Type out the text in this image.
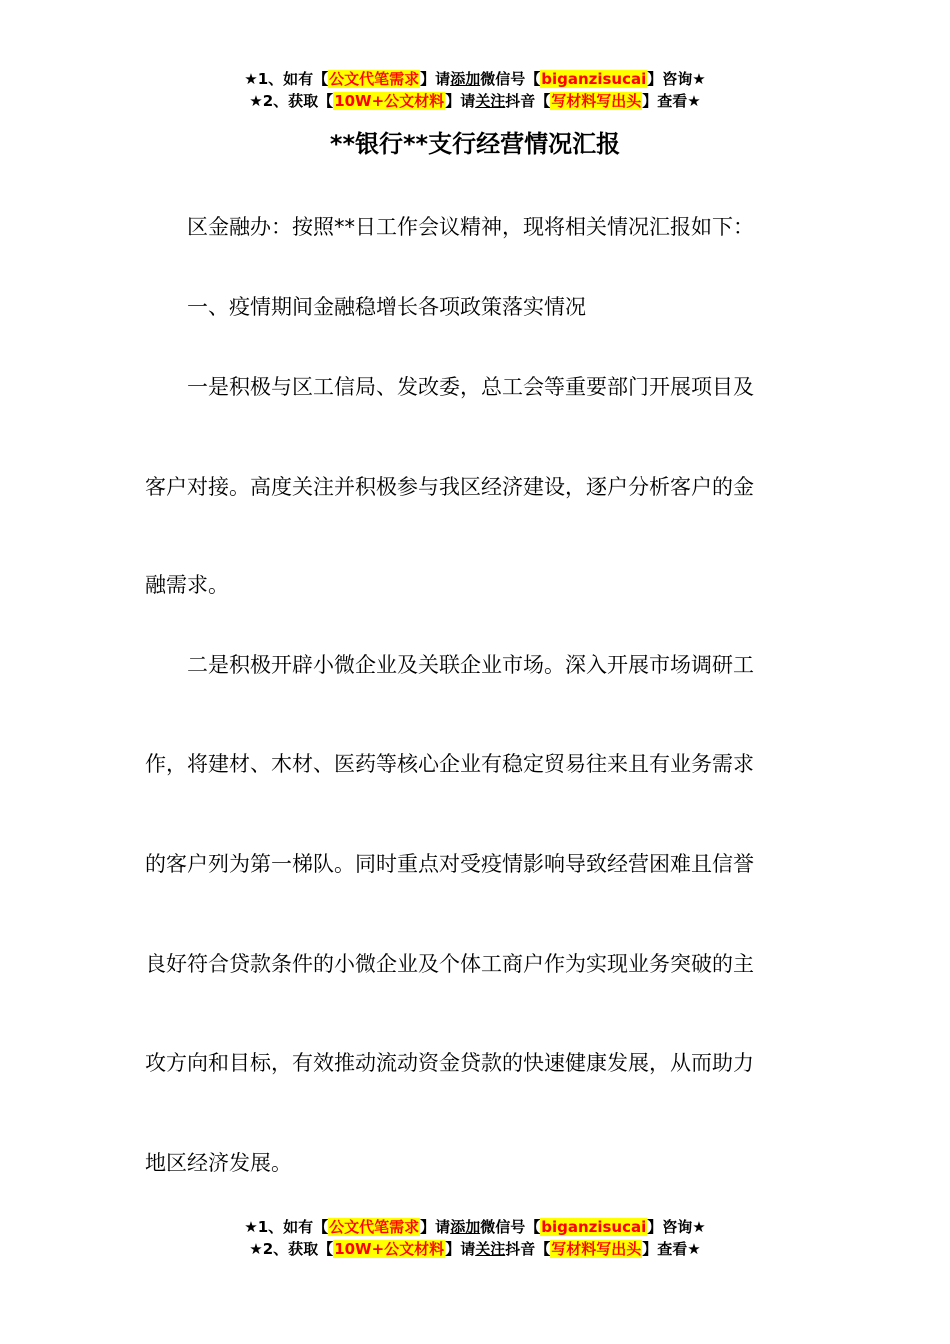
★1、如有【公文代笔需求】请添加微信号【biganzisucai】咨询★
★2、获取【10W+公文材料】请关注抖音【写材料写出头】查看★
**银行**支行经营情况汇报
区金融办：按照**日工作会议精神，现将相关情况汇报如下：
一、疫情期间金融稳增长各项政策落实情况
一是积极与区工信局、发改委，总工会等重要部门开展项目及
客户对接。高度关注并积极参与我区经济建设，逐户分析客户的金
融需求。
二是积极开辟小微企业及关联企业市场。深入开展市场调研工
作，将建材、木材、医药等核心企业有稳定贸易往来且有业务需求
的客户列为第一梯队。同时重点对受疫情影响导致经营困难且信誉
良好符合贷款条件的小微企业及个体工商户作为实现业务突破的主
攻方向和目标，有效推动流动资金贷款的快速健康发展，从而助力
地区经济发展。
★1、如有【公文代笔需求】请添加微信号【biganzisucai】咨询★
★2、获取【10W+公文材料】请关注抖音【写材料写出头】查看★
